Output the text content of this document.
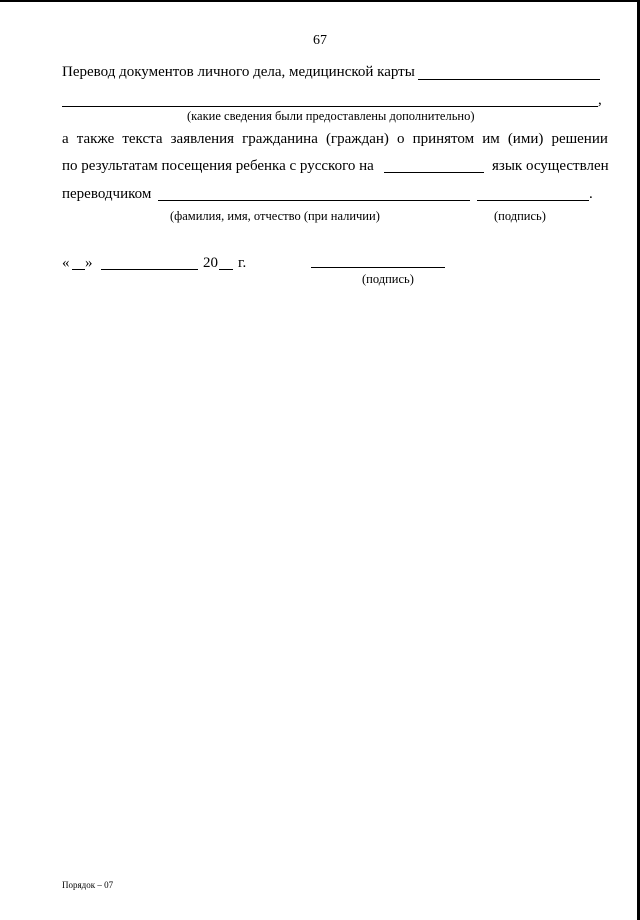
67
Перевод документов личного дела, медицинской карты
,
(какие сведения были предоставлены дополнительно)
а также текста заявления гражданина (граждан) о принятом им (ими) решении
по результатам посещения ребенка с русского на	язык осуществлен
переводчиком	.
(фамилия, имя, отчество (при наличии)	(подпись)
« »	20 г.
(подпись)
Порядок – 07
